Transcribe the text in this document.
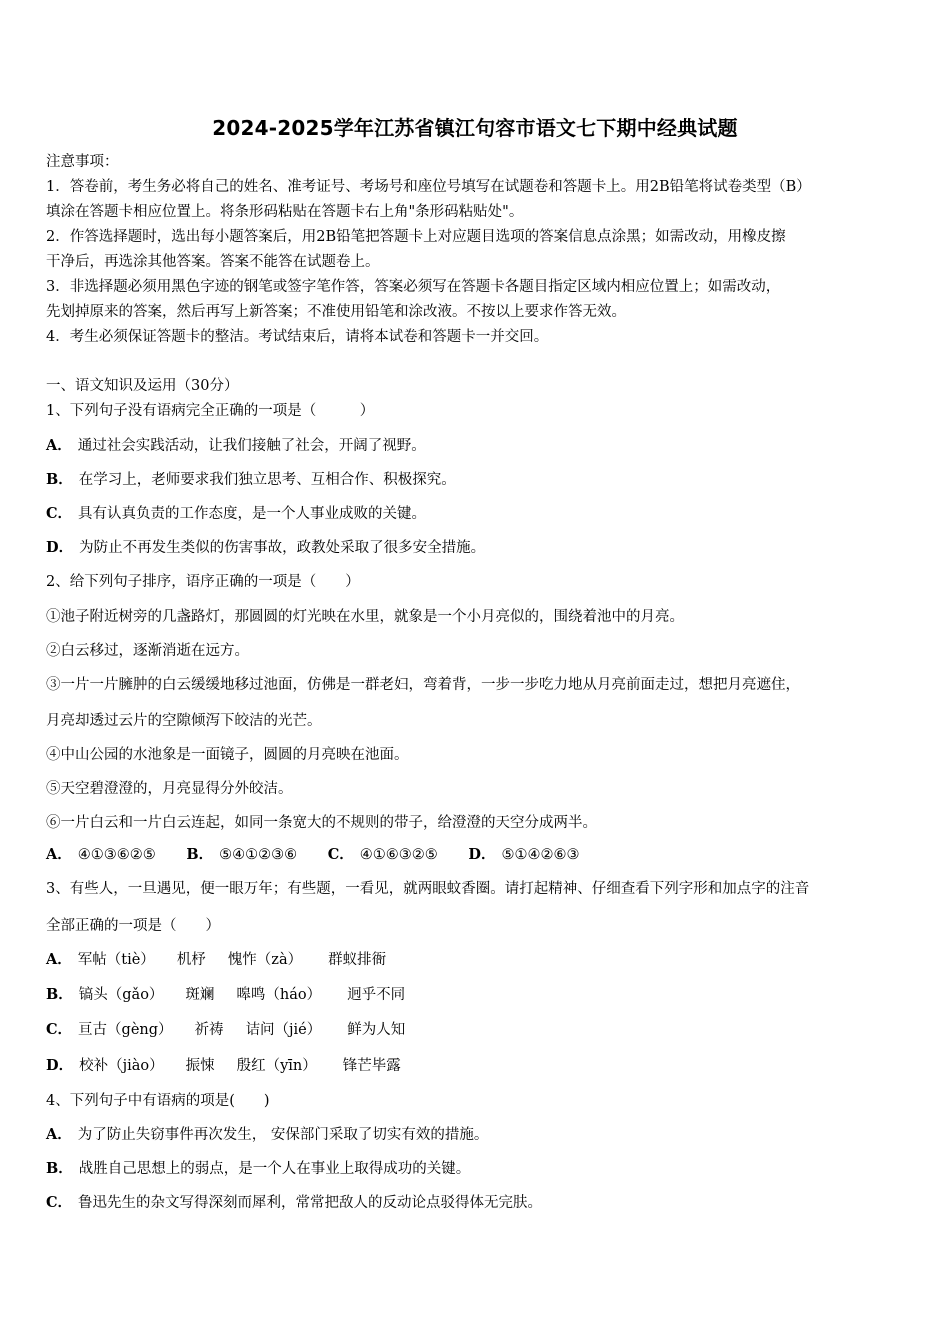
2024-2025学年江苏省镇江句容市语文七下期中经典试题
注意事项：
1．答卷前，考生务必将自己的姓名、准考证号、考场号和座位号填写在试题卷和答题卡上。用2B铅笔将试卷类型（B）
填涂在答题卡相应位置上。将条形码粘贴在答题卡右上角"条形码粘贴处"。
2．作答选择题时，选出每小题答案后，用2B铅笔把答题卡上对应题目选项的答案信息点涂黑；如需改动，用橡皮擦
干净后，再选涂其他答案。答案不能答在试题卷上。
3．非选择题必须用黑色字迹的钢笔或签字笔作答，答案必须写在答题卡各题目指定区域内相应位置上；如需改动，
先划掉原来的答案，然后再写上新答案；不准使用铅笔和涂改液。不按以上要求作答无效。
4．考生必须保证答题卡的整洁。考试结束后，请将本试卷和答题卡一并交回。
一、语文知识及运用（30分）
1、下列句子没有语病完全正确的一项是（　　　）
A． 通过社会实践活动，让我们接触了社会，开阔了视野。
B． 在学习上，老师要求我们独立思考、互相合作、积极探究。
C． 具有认真负责的工作态度，是一个人事业成败的关键。
D． 为防止不再发生类似的伤害事故，政教处采取了很多安全措施。
2、给下列句子排序，语序正确的一项是（　　）
①池子附近树旁的几盏路灯，那圆圆的灯光映在水里，就象是一个小月亮似的，围绕着池中的月亮。
②白云移过，逐渐消逝在远方。
③一片一片臃肿的白云缓缓地移过池面，仿佛是一群老妇，弯着背，一步一步吃力地从月亮前面走过，想把月亮遮住，
月亮却透过云片的空隙倾泻下皎洁的光芒。
④中山公园的水池象是一面镜子，圆圆的月亮映在池面。
⑤天空碧澄澄的，月亮显得分外皎洁。
⑥一片白云和一片白云连起，如同一条宽大的不规则的带子，给澄澄的天空分成两半。
A． ④①③⑥②⑤ B． ⑤④①②③⑥ C． ④①⑥③②⑤ D． ⑤①④②⑥③
3、有些人，一旦遇见，便一眼万年；有些题，一看见，就两眼蚊香圈。请打起精神、仔细查看下列字形和加点字的注音
全部正确的一项是（　　）
A． 军帖（tiè） 机杼 愧怍（zà） 群蚁排衙
B． 镐头（gǎo） 斑斓 嗥鸣（háo） 迥乎不同
C． 亘古（gèng） 祈祷 诘问（jié） 鲜为人知
D． 校补（jiào） 振悚 殷红（yīn） 锋芒毕露
4、下列句子中有语病的项是(　　)
A． 为了防止失窃事件再次发生， 安保部门采取了切实有效的措施。
B． 战胜自己思想上的弱点，是一个人在事业上取得成功的关键。
C． 鲁迅先生的杂文写得深刻而犀利，常常把敌人的反动论点驳得体无完肤。
